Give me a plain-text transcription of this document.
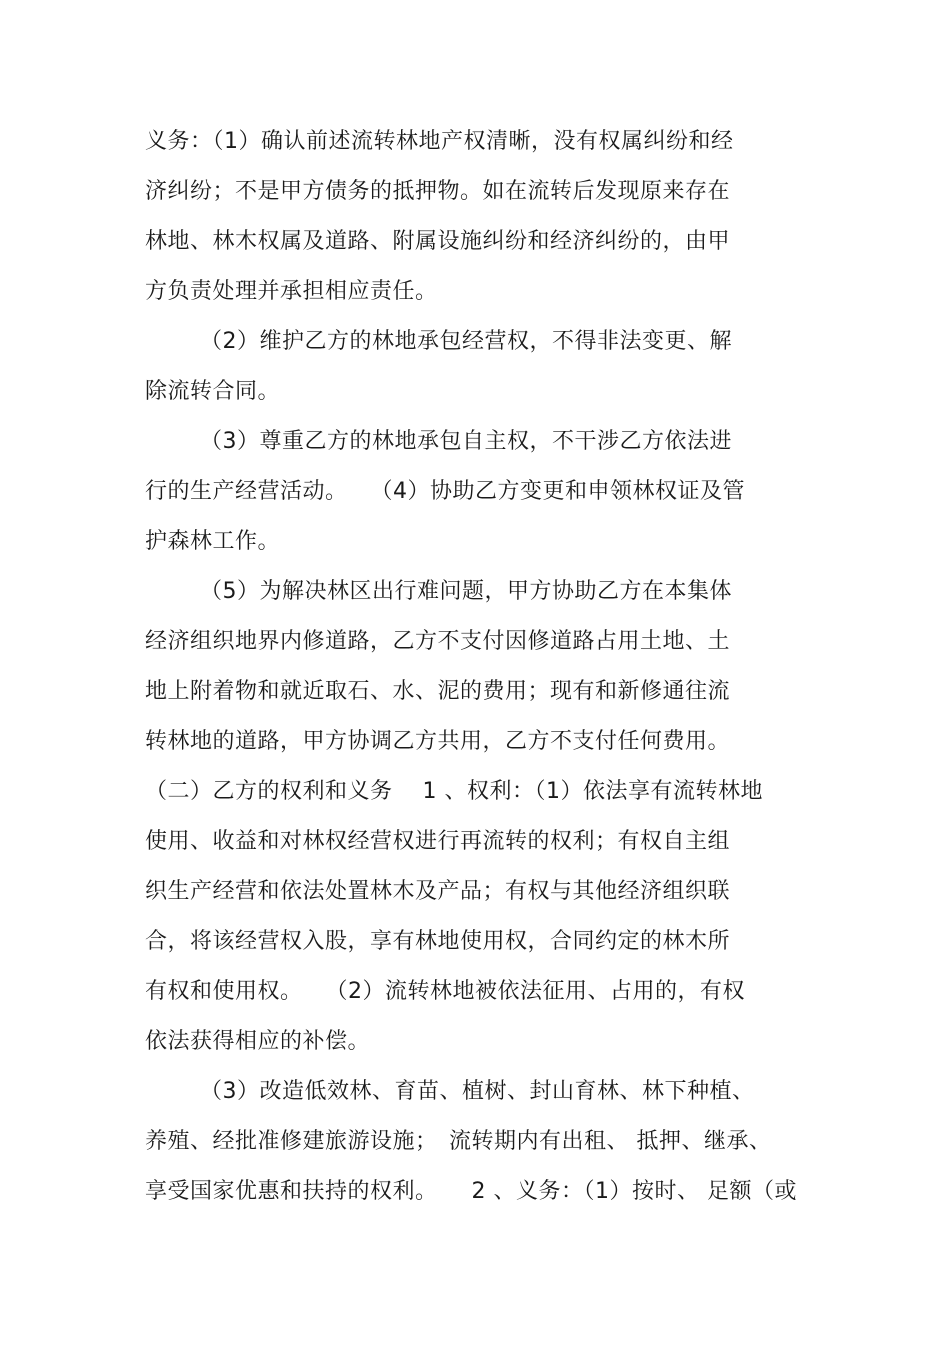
义务：（1）确认前述流转林地产权清晰，没有权属纠纷和经
济纠纷；不是甲方债务的抵押物。如在流转后发现原来存在
林地、林木权属及道路、附属设施纠纷和经济纠纷的，由甲
方负责处理并承担相应责任。
（2）维护乙方的林地承包经营权，不得非法变更、解
除流转合同。
（3）尊重乙方的林地承包自主权，不干涉乙方依法进
行的生产经营活动。　　（4）协助乙方变更和申领林权证及管
护森林工作。
（5）为解决林区出行难问题，甲方协助乙方在本集体
经济组织地界内修道路，乙方不支付因修道路占用土地、土
地上附着物和就近取石、水、泥的费用；现有和新修通往流
转林地的道路，甲方协调乙方共用，乙方不支付任何费用。
（二）乙方的权利和义务　 1 、权利：（1）依法享有流转林地
使用、收益和对林权经营权进行再流转的权利；有权自主组
织生产经营和依法处置林木及产品；有权与其他经济组织联
合，将该经营权入股，享有林地使用权，合同约定的林木所
有权和使用权。　　（2）流转林地被依法征用、占用的，有权
依法获得相应的补偿。
（3）改造低效林、育苗、植树、封山育林、林下种植、
养殖、经批准修建旅游设施；　流转期内有出租、 抵押、继承、
享受国家优惠和扶持的权利。　　2 、义务：（1）按时、 足额（或
